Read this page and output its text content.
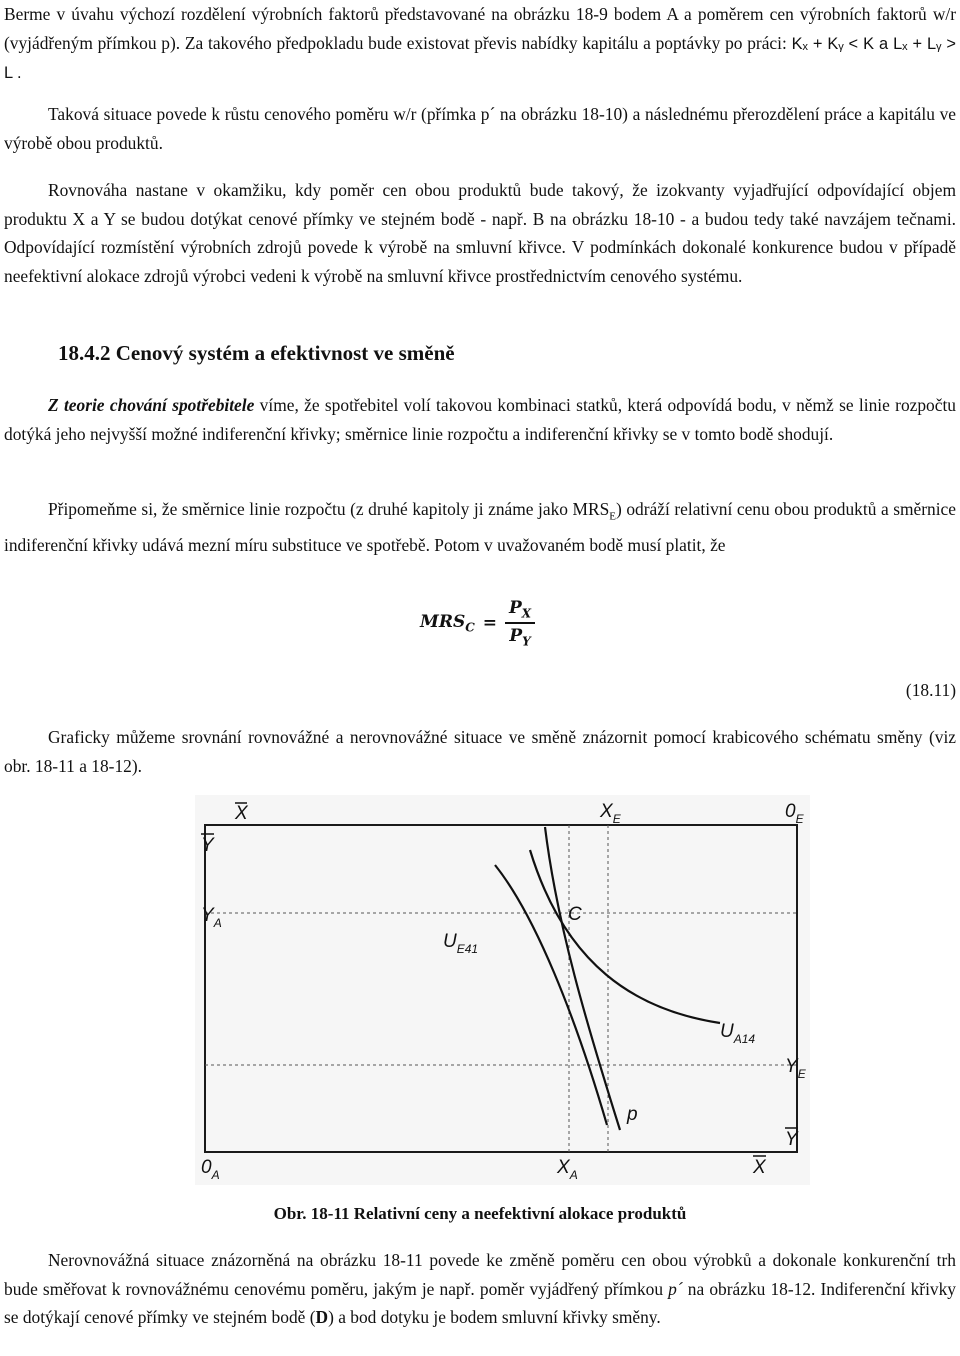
Berme v úvahu výchozí rozdělení výrobních faktorů představované na obrázku 18-9 bodem A a poměrem cen výrobních faktorů w/r (vyjádřeným přímkou p). Za takového předpokladu bude existovat převis nabídky kapitálu a poptávky po práci: Kₓ + Kᵧ < K a Lₓ + Lᵧ > L .

Taková situace povede k růstu cenového poměru w/r (přímka p´ na obrázku 18-10) a následnému přerozdělení práce a kapitálu ve výrobě obou produktů.

Rovnováha nastane v okamžiku, kdy poměr cen obou produktů bude takový, že izokvanty vyjadřující odpovídající objem produktu X a Y se budou dotýkat cenové přímky ve stejném bodě - např. B na obrázku 18-10 - a budou tedy také navzájem tečnami. Odpovídající rozmístění výrobních zdrojů povede k výrobě na smluvní křivce. V podmínkách dokonalé konkurence budou v případě neefektivní alokace zdrojů výrobci vedeni k výrobě na smluvní křivce prostřednictvím cenového systému.

18.4.2 Cenový systém a efektivnost ve směně

Z teorie chování spotřebitele víme, že spotřebitel volí takovou kombinaci statků, která odpovídá bodu, v němž se linie rozpočtu dotýká jeho nejvyšší možné indiferenční křivky; směrnice linie rozpočtu a indiferenční křivky se v tomto bodě shodují.

Připomeňme si, že směrnice linie rozpočtu (z druhé kapitoly ji známe jako $MRS_E$) odráží relativní cenu obou produktů a směrnice indiferenční křivky udává mezní míru substituce ve spotřebě. Potom v uvažovaném bodě musí platit, že

$MRS_C = \frac{P_X}{P_Y}$
(18.11)

Graficky můžeme srovnání rovnovážné a nerovnovážné situace ve směně znázornit pomocí krabicového schématu směny (viz obr. 18-11 a 18-12).

X	$0_E$
$X_E$
Y
$Y_A$	C
$U_{E41}$
$U_{A14}$
$Y_E$
p
Y
$0_A$	$X_A$	X
Obr. 18-11 Relativní ceny a neefektivní alokace produktů

Nerovnovážná situace znázorněná na obrázku 18-11 povede ke změně poměru cen obou výrobků a dokonale konkurenční trh bude směřovat k rovnovážnému cenovému poměru, jakým je např. poměr vyjádřený přímkou p´ na obrázku 18-12. Indiferenční křivky se dotýkají cenové přímky ve stejném bodě (D) a bod dotyku je bodem smluvní křivky směny.
